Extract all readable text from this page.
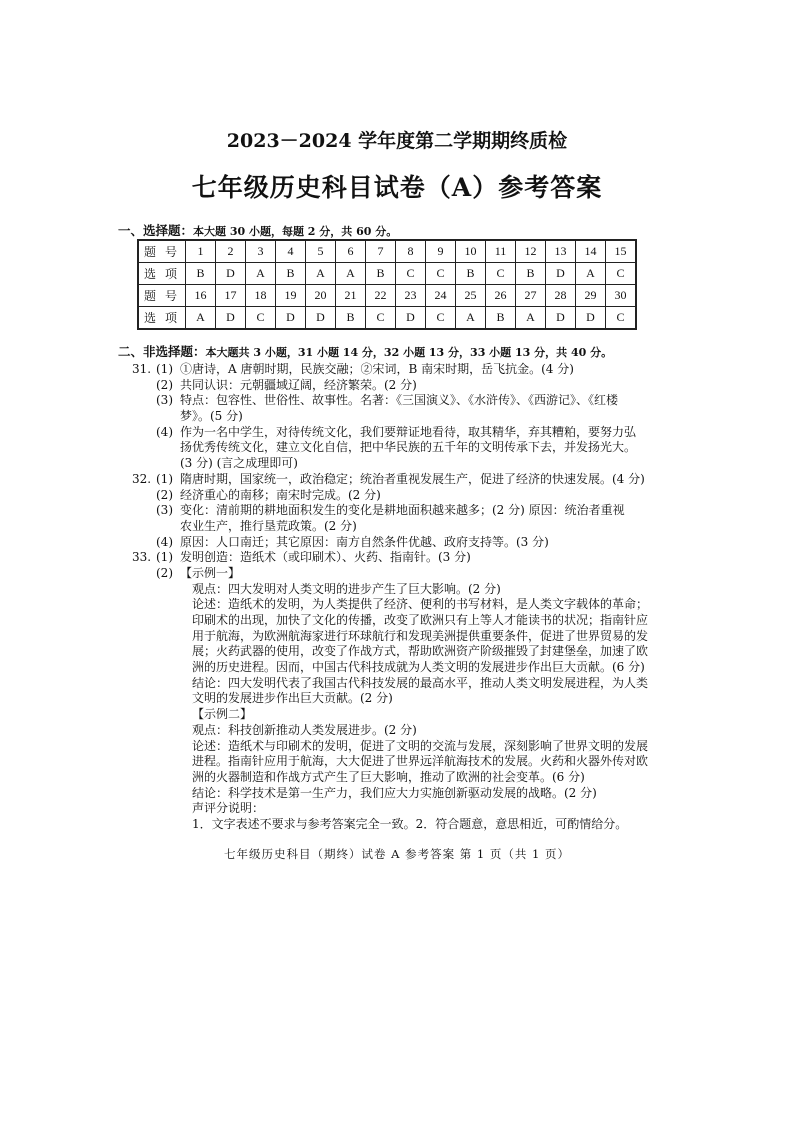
2023－2024 学年度第二学期期终质检
七年级历史科目试卷（A）参考答案
一、选择题：本大题 30 小题，每题 2 分，共 60 分。
题 号	1	2	3	4	5	6	7	8	9	10	11	12	13	14	15
选 项	B	D	A	B	A	A	B	C	C	B	C	B	D	A	C
题 号	16	17	18	19	20	21	22	23	24	25	26	27	28	29	30
选 项	A	D	C	D	D	B	C	D	C	A	B	A	D	D	C
二、非选择题：本大题共 3 小题，31 小题 14 分，32 小题 13 分，33 小题 13 分，共 40 分。
31. (1) ①唐诗，A 唐朝时期，民族交融；②宋词，B 南宋时期，岳飞抗金。(4 分)
(2) 共同认识：元朝疆域辽阔，经济繁荣。(2 分)
(3) 特点：包容性、世俗性、故事性。名著：《三国演义》、《水浒传》、《西游记》、《红楼
梦》。(5 分)
(4) 作为一名中学生，对待传统文化，我们要辩证地看待，取其精华，弃其糟粕，要努力弘
扬优秀传统文化，建立文化自信，把中华民族的五千年的文明传承下去，并发扬光大。
(3 分) (言之成理即可)
32. (1) 隋唐时期，国家统一，政治稳定；统治者重视发展生产，促进了经济的快速发展。(4 分)
(2) 经济重心的南移；南宋时完成。(2 分)
(3) 变化：清前期的耕地面积发生的变化是耕地面积越来越多；(2 分) 原因：统治者重视
农业生产，推行垦荒政策。(2 分)
(4) 原因：人口南迁；其它原因：南方自然条件优越、政府支持等。(3 分)
33. (1) 发明创造：造纸术（或印刷术）、火药、指南针。(3 分)
(2) 【示例一】
观点：四大发明对人类文明的进步产生了巨大影响。(2 分)
论述：造纸术的发明，为人类提供了经济、便利的书写材料，是人类文字载体的革命；
印刷术的出现，加快了文化的传播，改变了欧洲只有上等人才能读书的状况；指南针应
用于航海，为欧洲航海家进行环球航行和发现美洲提供重要条件，促进了世界贸易的发
展；火药武器的使用，改变了作战方式，帮助欧洲资产阶级摧毁了封建堡垒，加速了欧
洲的历史进程。因而，中国古代科技成就为人类文明的发展进步作出巨大贡献。(6 分)
结论：四大发明代表了我国古代科技发展的最高水平，推动人类文明发展进程，为人类
文明的发展进步作出巨大贡献。(2 分)
【示例二】
观点：科技创新推动人类发展进步。(2 分)
论述：造纸术与印刷术的发明，促进了文明的交流与发展，深刻影响了世界文明的发展
进程。指南针应用于航海，大大促进了世界远洋航海技术的发展。火药和火器外传对欧
洲的火器制造和作战方式产生了巨大影响，推动了欧洲的社会变革。(6 分)
结论：科学技术是第一生产力，我们应大力实施创新驱动发展的战略。(2 分)
声评分说明：
1．文字表述不要求与参考答案完全一致。2．符合题意，意思相近，可酌情给分。
七年级历史科目（期终）试卷 A 参考答案 第 1 页（共 1 页）
